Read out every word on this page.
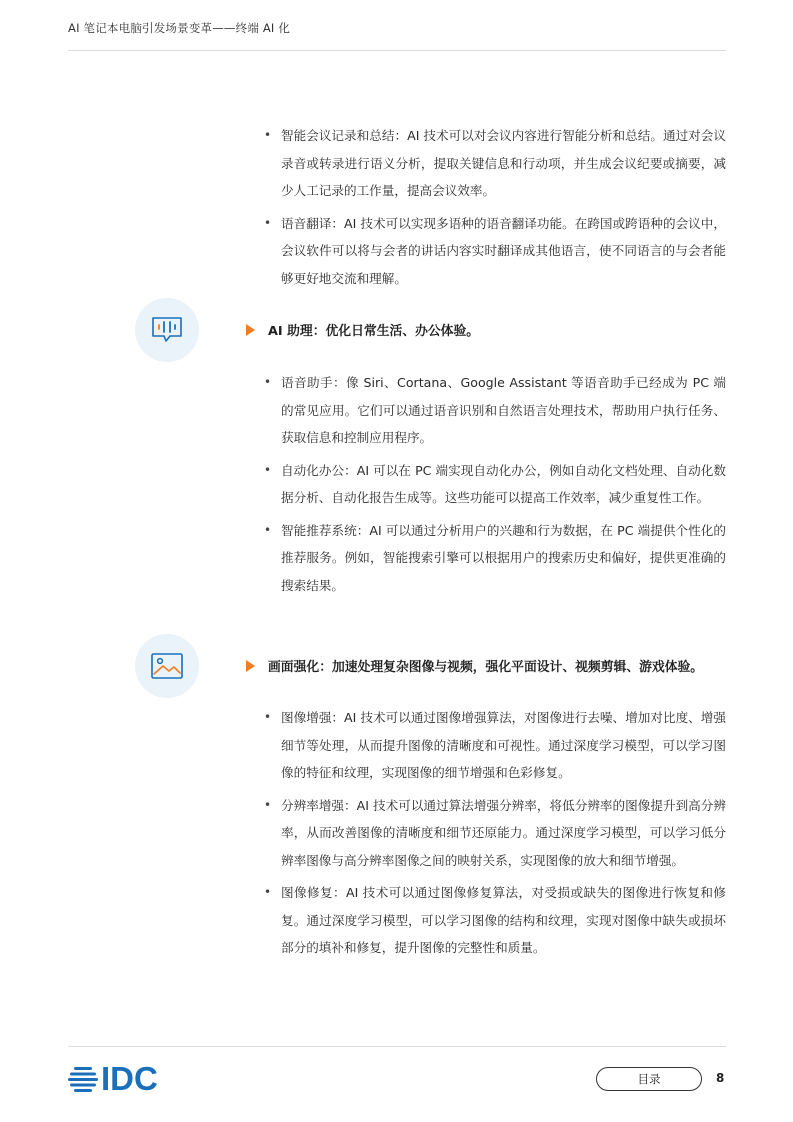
AI 笔记本电脑引发场景变革——终端 AI 化
• 智能会议记录和总结：AI 技术可以对会议内容进行智能分析和总结。通过对会议录音或转录进行语义分析，提取关键信息和行动项，并生成会议纪要或摘要，减少人工记录的工作量，提高会议效率。
• 语音翻译：AI 技术可以实现多语种的语音翻译功能。在跨国或跨语种的会议中，会议软件可以将与会者的讲话内容实时翻译成其他语言，使不同语言的与会者能够更好地交流和理解。
AI 助理：优化日常生活、办公体验。
• 语音助手：像 Siri、Cortana、Google Assistant 等语音助手已经成为 PC 端的常见应用。它们可以通过语音识别和自然语言处理技术，帮助用户执行任务、获取信息和控制应用程序。
• 自动化办公：AI 可以在 PC 端实现自动化办公，例如自动化文档处理、自动化数据分析、自动化报告生成等。这些功能可以提高工作效率，减少重复性工作。
• 智能推荐系统：AI 可以通过分析用户的兴趣和行为数据，在 PC 端提供个性化的推荐服务。例如，智能搜索引擎可以根据用户的搜索历史和偏好，提供更准确的搜索结果。
画面强化：加速处理复杂图像与视频，强化平面设计、视频剪辑、游戏体验。
• 图像增强：AI 技术可以通过图像增强算法，对图像进行去噪、增加对比度、增强细节等处理，从而提升图像的清晰度和可视性。通过深度学习模型，可以学习图像的特征和纹理，实现图像的细节增强和色彩修复。
• 分辨率增强：AI 技术可以通过算法增强分辨率，将低分辨率的图像提升到高分辨率，从而改善图像的清晰度和细节还原能力。通过深度学习模型，可以学习低分辨率图像与高分辨率图像之间的映射关系，实现图像的放大和细节增强。
• 图像修复：AI 技术可以通过图像修复算法，对受损或缺失的图像进行恢复和修复。通过深度学习模型，可以学习图像的结构和纹理，实现对图像中缺失或损坏部分的填补和修复，提升图像的完整性和质量。
IDC	目录	8
